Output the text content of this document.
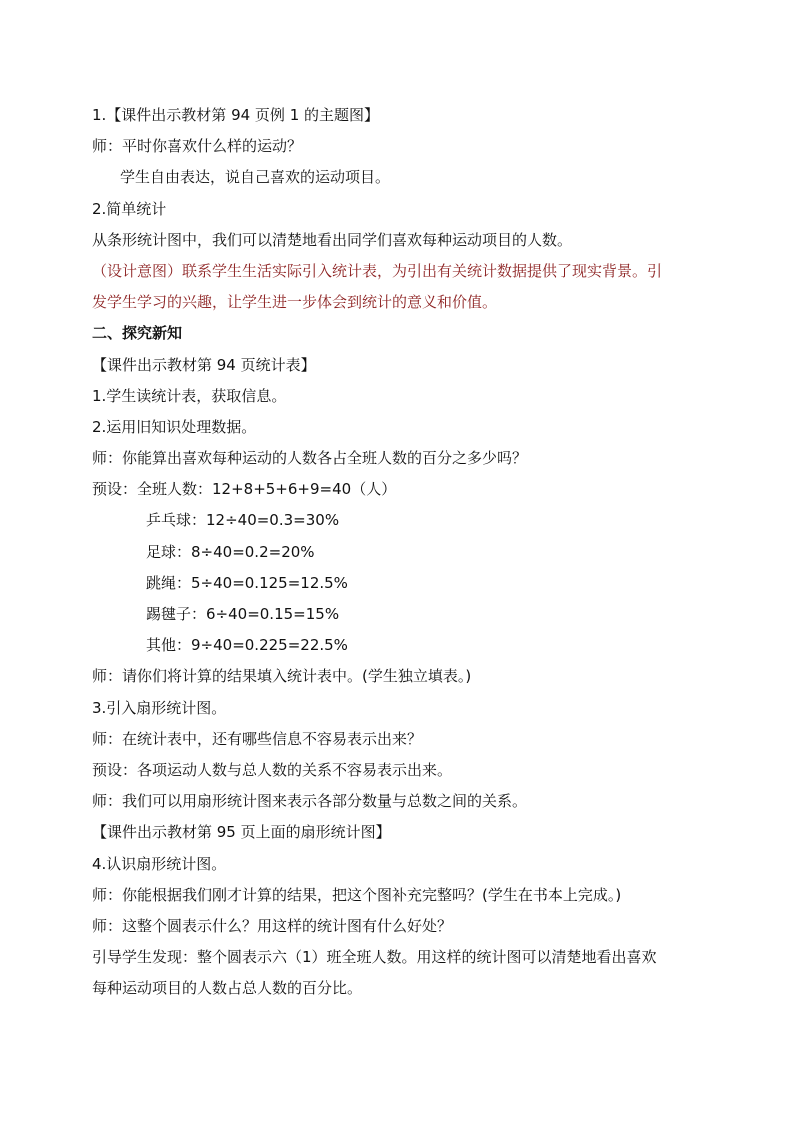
1.【课件出示教材第 94 页例 1 的主题图】
师：平时你喜欢什么样的运动？
学生自由表达，说自己喜欢的运动项目。
2.简单统计
从条形统计图中，我们可以清楚地看出同学们喜欢每种运动项目的人数。
（设计意图）联系学生生活实际引入统计表，为引出有关统计数据提供了现实背景。引
发学生学习的兴趣，让学生进一步体会到统计的意义和价值。
二、探究新知
【课件出示教材第 94 页统计表】
1.学生读统计表，获取信息。
2.运用旧知识处理数据。
师：你能算出喜欢每种运动的人数各占全班人数的百分之多少吗？
预设：全班人数：12+8+5+6+9=40（人）
乒乓球：12÷40=0.3=30%
足球：8÷40=0.2=20%
跳绳：5÷40=0.125=12.5%
踢毽子：6÷40=0.15=15%
其他：9÷40=0.225=22.5%
师：请你们将计算的结果填入统计表中。(学生独立填表。)
3.引入扇形统计图。
师：在统计表中，还有哪些信息不容易表示出来？
预设：各项运动人数与总人数的关系不容易表示出来。
师：我们可以用扇形统计图来表示各部分数量与总数之间的关系。
【课件出示教材第 95 页上面的扇形统计图】
4.认识扇形统计图。
师：你能根据我们刚才计算的结果，把这个图补充完整吗？(学生在书本上完成。)
师：这整个圆表示什么？用这样的统计图有什么好处？
引导学生发现：整个圆表示六（1）班全班人数。用这样的统计图可以清楚地看出喜欢
每种运动项目的人数占总人数的百分比。
